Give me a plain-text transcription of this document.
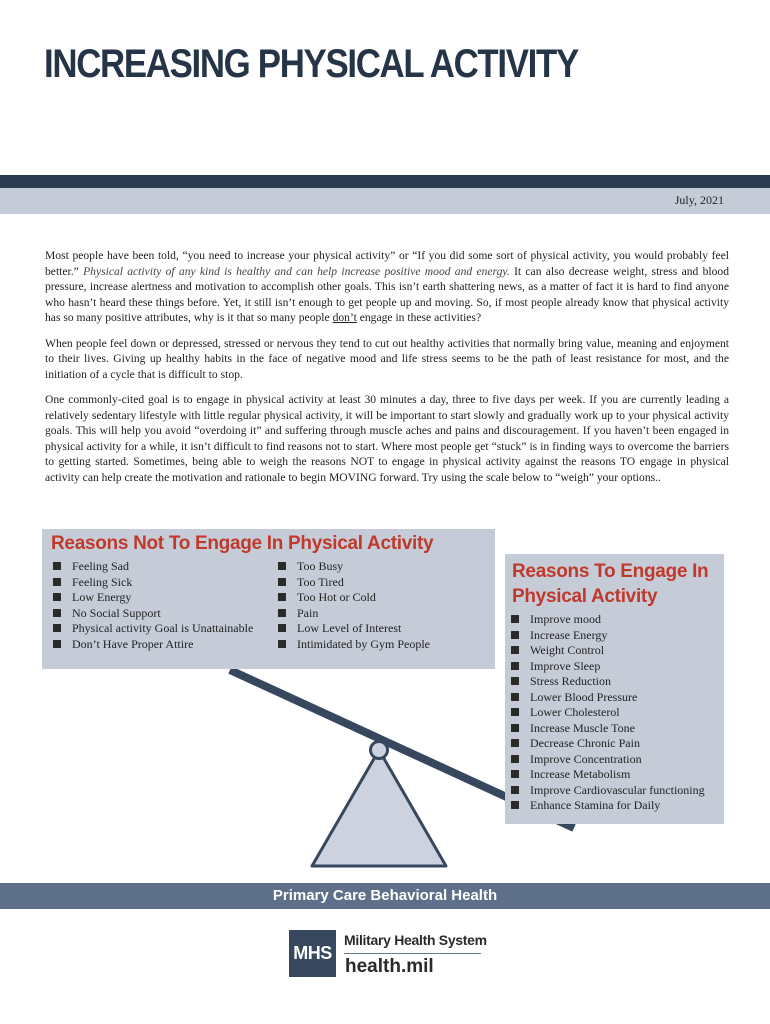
INCREASING PHYSICAL ACTIVITY
July, 2021

Most people have been told, “you need to increase your physical activity” or “If you did some sort of physical activity, you would probably feel better.” Physical activity of any kind is healthy and can help increase positive mood and energy. It can also decrease weight, stress and blood pressure, increase alertness and motivation to accomplish other goals. This isn’t earth shattering news, as a matter of fact it is hard to find anyone who hasn’t heard these things before. Yet, it still isn’t enough to get people up and moving. So, if most people already know that physical activity has so many positive attributes, why is it that so many people don’t engage in these activities?

When people feel down or depressed, stressed or nervous they tend to cut out healthy activities that normally bring value, meaning and enjoyment to their lives. Giving up healthy habits in the face of negative mood and life stress seems to be the path of least resistance for most, and the initiation of a cycle that is difficult to stop.

One commonly-cited goal is to engage in physical activity at least 30 minutes a day, three to five days per week. If you are currently leading a relatively sedentary lifestyle with little regular physical activity, it will be important to start slowly and gradually work up to your physical activity goals. This will help you avoid “overdoing it” and suffering through muscle aches and pains and discouragement. If you haven’t been engaged in physical activity for a while, it isn’t difficult to find reasons not to start. Where most people get “stuck” is in finding ways to overcome the barriers to getting started. Sometimes, being able to weigh the reasons NOT to engage in physical activity against the reasons TO engage in physical activity can help create the motivation and rationale to begin MOVING forward. Try using the scale below to “weigh” your options..

Reasons Not To Engage In Physical Activity
Feeling Sad
Feeling Sick
Low Energy
No Social Support
Physical activity Goal is Unattainable
Don’t Have Proper Attire
Too Busy
Too Tired
Too Hot or Cold
Pain
Low Level of Interest
Intimidated by Gym People
Reasons To Engage In
Physical Activity
Improve mood
Increase Energy
Weight Control
Improve Sleep
Stress Reduction
Lower Blood Pressure
Lower Cholesterol
Increase Muscle Tone
Decrease Chronic Pain
Improve Concentration
Increase Metabolism
Improve Cardiovascular functioning
Enhance Stamina for Daily
Primary Care Behavioral Health
MHS
Military Health System
health.mil
